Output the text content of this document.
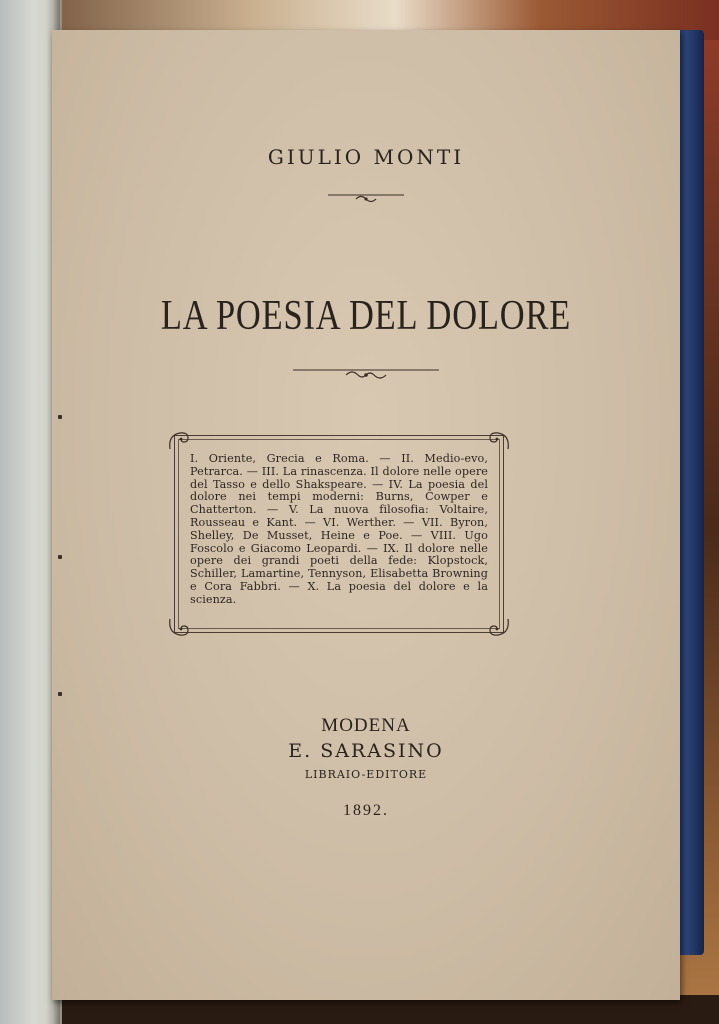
GIULIO MONTI
LA POESIA DEL DOLORE
I. Oriente, Grecia e Roma. — II. Medio-evo, Petrarca. — III. La rinascenza. Il dolore nelle opere del Tasso e dello Shakspeare. — IV. La poesia del dolore nei tempi moderni: Burns, Cowper e Chatterton. — V. La nuova filosofia: Voltaire, Rousseau e Kant. — VI. Werther. — VII. Byron, Shelley, De Musset, Heine e Poe. — VIII. Ugo Foscolo e Giacomo Leopardi. — IX. Il dolore nelle opere dei grandi poeti della fede: Klopstock, Schiller, Lamartine, Tennyson, Elisabetta Browning e Cora Fabbri. — X. La poesia del dolore e la scienza.
MODENA
E. SARASINO
LIBRAIO-EDITORE
1892.
